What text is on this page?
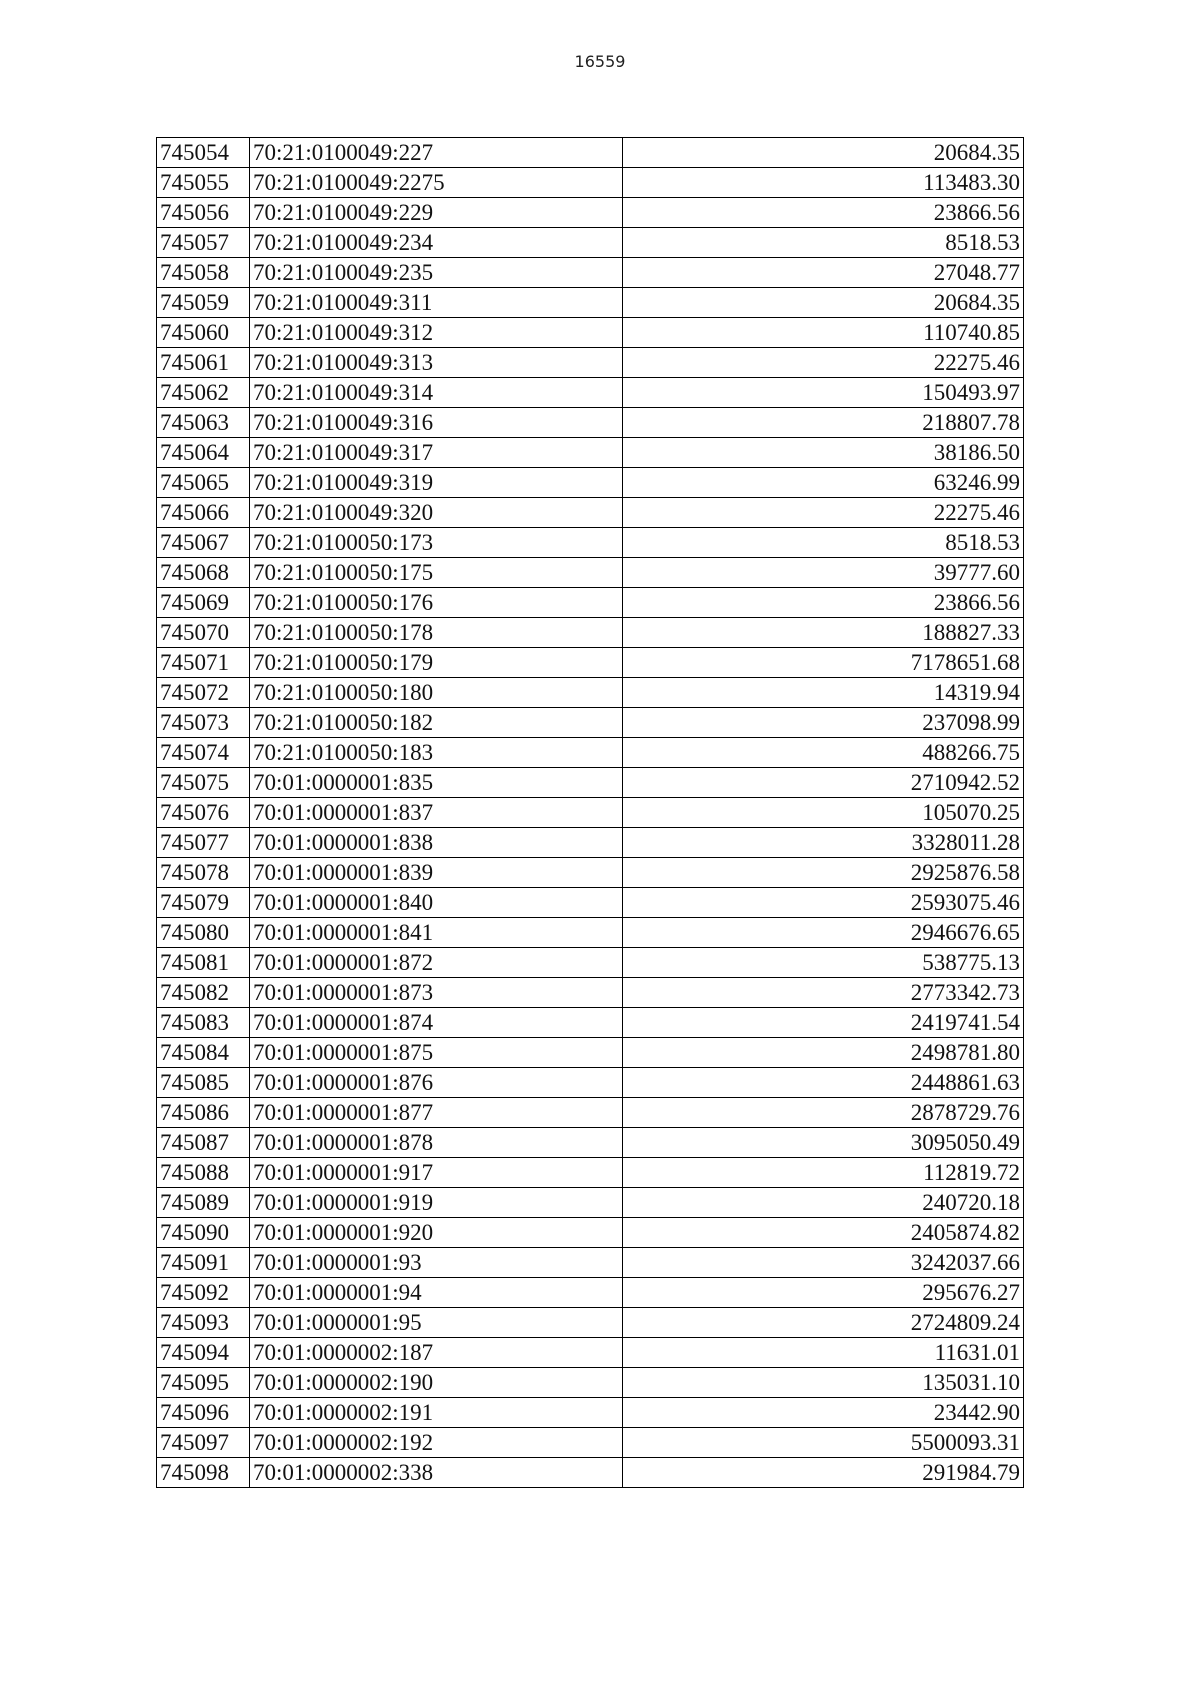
16559
745054	70:21:0100049:227	20684.35
745055	70:21:0100049:2275	113483.30
745056	70:21:0100049:229	23866.56
745057	70:21:0100049:234	8518.53
745058	70:21:0100049:235	27048.77
745059	70:21:0100049:311	20684.35
745060	70:21:0100049:312	110740.85
745061	70:21:0100049:313	22275.46
745062	70:21:0100049:314	150493.97
745063	70:21:0100049:316	218807.78
745064	70:21:0100049:317	38186.50
745065	70:21:0100049:319	63246.99
745066	70:21:0100049:320	22275.46
745067	70:21:0100050:173	8518.53
745068	70:21:0100050:175	39777.60
745069	70:21:0100050:176	23866.56
745070	70:21:0100050:178	188827.33
745071	70:21:0100050:179	7178651.68
745072	70:21:0100050:180	14319.94
745073	70:21:0100050:182	237098.99
745074	70:21:0100050:183	488266.75
745075	70:01:0000001:835	2710942.52
745076	70:01:0000001:837	105070.25
745077	70:01:0000001:838	3328011.28
745078	70:01:0000001:839	2925876.58
745079	70:01:0000001:840	2593075.46
745080	70:01:0000001:841	2946676.65
745081	70:01:0000001:872	538775.13
745082	70:01:0000001:873	2773342.73
745083	70:01:0000001:874	2419741.54
745084	70:01:0000001:875	2498781.80
745085	70:01:0000001:876	2448861.63
745086	70:01:0000001:877	2878729.76
745087	70:01:0000001:878	3095050.49
745088	70:01:0000001:917	112819.72
745089	70:01:0000001:919	240720.18
745090	70:01:0000001:920	2405874.82
745091	70:01:0000001:93	3242037.66
745092	70:01:0000001:94	295676.27
745093	70:01:0000001:95	2724809.24
745094	70:01:0000002:187	11631.01
745095	70:01:0000002:190	135031.10
745096	70:01:0000002:191	23442.90
745097	70:01:0000002:192	5500093.31
745098	70:01:0000002:338	291984.79
